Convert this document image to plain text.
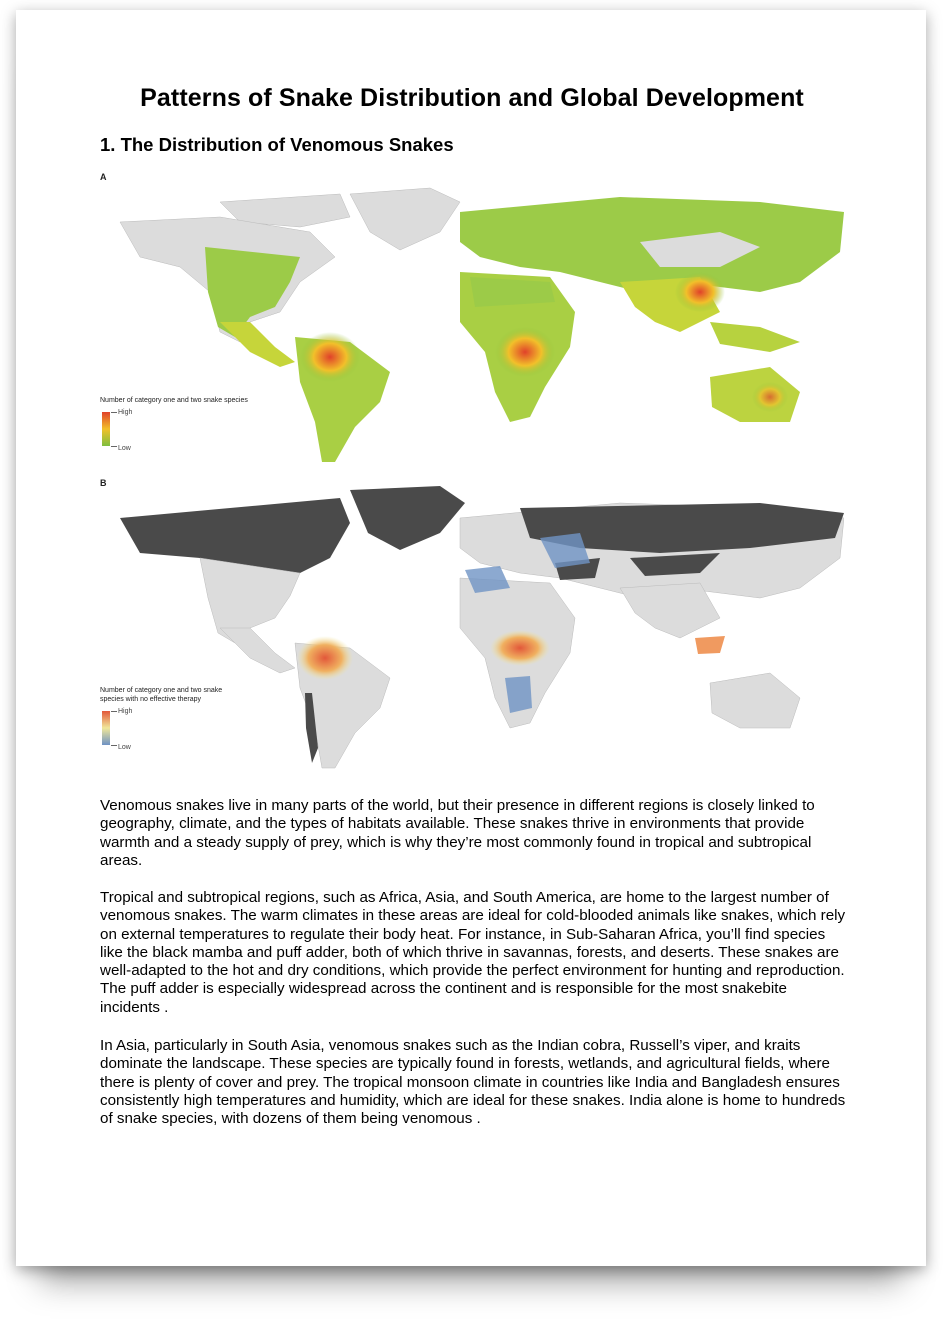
Patterns of Snake Distribution and Global Development
1. The Distribution of Venomous Snakes
A
Number of category one and two snake species
High
Low
B
Number of category one and two snake species with no effective therapy
High
Low
Venomous snakes live in many parts of the world, but their presence in different regions is closely linked to geography, climate, and the types of habitats available. These snakes thrive in environments that provide warmth and a steady supply of prey, which is why they’re most commonly found in tropical and subtropical areas.
Tropical and subtropical regions, such as Africa, Asia, and South America, are home to the largest number of venomous snakes. The warm climates in these areas are ideal for cold-blooded animals like snakes, which rely on external temperatures to regulate their body heat. For instance, in Sub-Saharan Africa, you’ll find species like the black mamba and puff adder, both of which thrive in savannas, forests, and deserts. These snakes are well-adapted to the hot and dry conditions, which provide the perfect environment for hunting and reproduction. The puff adder is especially widespread across the continent and is responsible for the most snakebite incidents .
In Asia, particularly in South Asia, venomous snakes such as the Indian cobra, Russell’s viper, and kraits dominate the landscape. These species are typically found in forests, wetlands, and agricultural fields, where there is plenty of cover and prey. The tropical monsoon climate in countries like India and Bangladesh ensures consistently high temperatures and humidity, which are ideal for these snakes. India alone is home to hundreds of snake species, with dozens of them being venomous .
